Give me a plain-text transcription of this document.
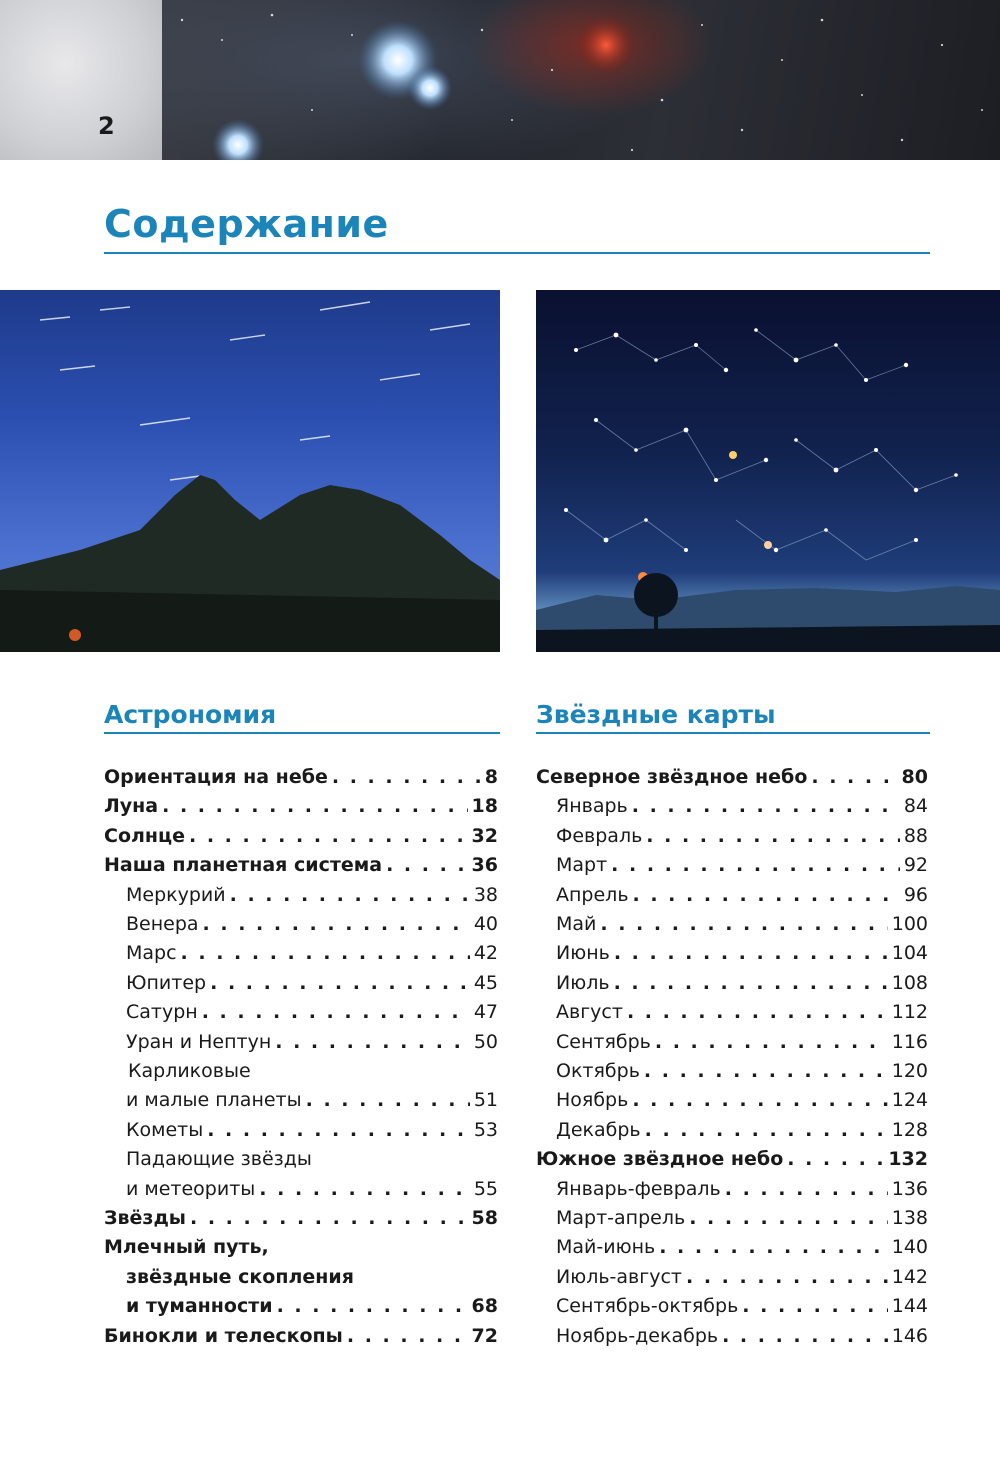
2
Содержание
Астрономия
Ориентация на небе . . .	8
Луна . . .	18
Солнце . . .	32
Наша планетная система . . .	36
Меркурий . . .	38
Венера . . .	40
Марс . . .	42
Юпитер . . .	45
Сатурн . . .	47
Уран и Нептун . . .	50
Карликовые
и малые планеты . . .	51
Кометы . . .	53
Падающие звёзды
и метеориты . . .	55
Звёзды . . .	58
Млечный путь,
звёздные скопления
и туманности . . .	68
Бинокли и телескопы . . .	72
Звёздные карты
Северное звёздное небо . . .	80
Январь . . .	84
Февраль . . .	88
Март . . .	92
Апрель . . .	96
Май . . .	100
Июнь . . .	104
Июль . . .	108
Август . . .	112
Сентябрь . . .	116
Октябрь . . .	120
Ноябрь . . .	124
Декабрь . . .	128
Южное звёздное небо . . .	132
Январь-февраль . . .	136
Март-апрель . . .	138
Май-июнь . . .	140
Июль-август . . .	142
Сентябрь-октябрь . . .	144
Ноябрь-декабрь . . .	146
